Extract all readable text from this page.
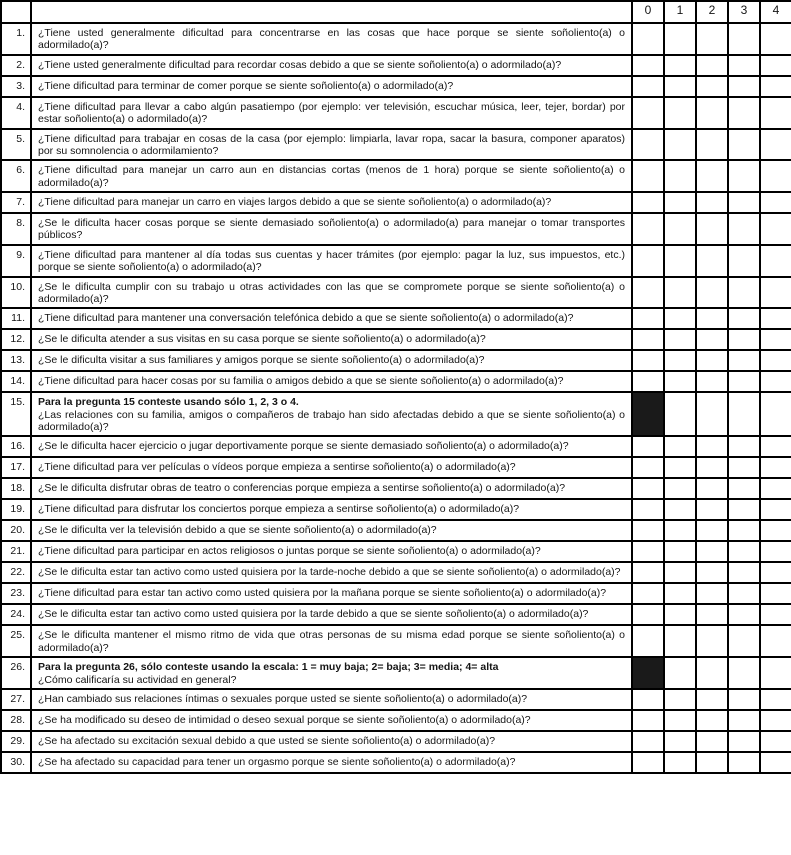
		0	1	2	3	4
1.	¿Tiene usted generalmente dificultad para concentrarse en las cosas que hace porque se siente soñoliento(a) o adormilado(a)?					
2.	¿Tiene usted generalmente dificultad para recordar cosas debido a que se siente soñoliento(a) o adormilado(a)?					
3.	¿Tiene dificultad para terminar de comer porque se siente soñoliento(a) o adormilado(a)?					
4.	¿Tiene dificultad para llevar a cabo algún pasatiempo (por ejemplo: ver televisión, escuchar música, leer, tejer, bordar) por estar soñoliento(a) o adormilado(a)?					
5.	¿Tiene dificultad para trabajar en cosas de la casa (por ejemplo: limpiarla, lavar ropa, sacar la basura, componer aparatos) por su somnolencia o adormilamiento?					
6.	¿Tiene dificultad para manejar un carro aun en distancias cortas (menos de 1 hora) porque se siente soñoliento(a) o adormilado(a)?					
7.	¿Tiene dificultad para manejar un carro en viajes largos debido a que se siente soñoliento(a) o adormilado(a)?					
8.	¿Se le dificulta hacer cosas porque se siente demasiado soñoliento(a) o adormilado(a) para manejar o tomar transportes públicos?					
9.	¿Tiene dificultad para mantener al día todas sus cuentas y hacer trámites (por ejemplo: pagar la luz, sus impuestos, etc.) porque se siente soñoliento(a) o adormilado(a)?					
10.	¿Se le dificulta cumplir con su trabajo u otras actividades con las que se compromete porque se siente soñoliento(a) o adormilado(a)?					
11.	¿Tiene dificultad para mantener una conversación telefónica debido a que se siente soñoliento(a) o adormilado(a)?					
12.	¿Se le dificulta atender a sus visitas en su casa porque se siente soñoliento(a) o adormilado(a)?					
13.	¿Se le dificulta visitar a sus familiares y amigos porque se siente soñoliento(a) o adormilado(a)?					
14.	¿Tiene dificultad para hacer cosas por su familia o amigos debido a que se siente soñoliento(a) o adormilado(a)?					
15.	Para la pregunta 15 conteste usando sólo 1, 2, 3 o 4.
¿Las relaciones con su familia, amigos o compañeros de trabajo han sido afectadas debido a que se siente soñoliento(a) o adormilado(a)?					

16.	¿Se le dificulta hacer ejercicio o jugar deportivamente porque se siente demasiado soñoliento(a) o adormilado(a)?					
17.	¿Tiene dificultad para ver películas o vídeos porque empieza a sentirse soñoliento(a) o adormilado(a)?					
18.	¿Se le dificulta disfrutar obras de teatro o conferencias porque empieza a sentirse soñoliento(a) o adormilado(a)?					
19.	¿Tiene dificultad para disfrutar los conciertos porque empieza a sentirse soñoliento(a) o adormilado(a)?					
20.	¿Se le dificulta ver la televisión debido a que se siente soñoliento(a) o adormilado(a)?					
21.	¿Tiene dificultad para participar en actos religiosos o juntas porque se siente soñoliento(a) o adormilado(a)?					
22.	¿Se le dificulta estar tan activo como usted quisiera por la tarde-noche debido a que se siente soñoliento(a) o adormilado(a)?					
23.	¿Tiene dificultad para estar tan activo como usted quisiera por la mañana porque se siente soñoliento(a) o adormilado(a)?					
24.	¿Se le dificulta estar tan activo como usted quisiera por la tarde debido a que se siente soñoliento(a) o adormilado(a)?					
25.	¿Se le dificulta mantener el mismo ritmo de vida que otras personas de su misma edad porque se siente soñoliento(a) o adormilado(a)?					
26.	Para la pregunta 26, sólo conteste usando la escala: 1 = muy baja; 2= baja; 3= media; 4= alta
¿Cómo calificaría su actividad en general?					

27.	¿Han cambiado sus relaciones íntimas o sexuales porque usted se siente soñoliento(a) o adormilado(a)?					
28.	¿Se ha modificado su deseo de intimidad o deseo sexual porque se siente soñoliento(a) o adormilado(a)?					
29.	¿Se ha afectado su excitación sexual debido a que usted se siente soñoliento(a) o adormilado(a)?					
30.	¿Se ha afectado su capacidad para tener un orgasmo porque se siente soñoliento(a) o adormilado(a)?					
